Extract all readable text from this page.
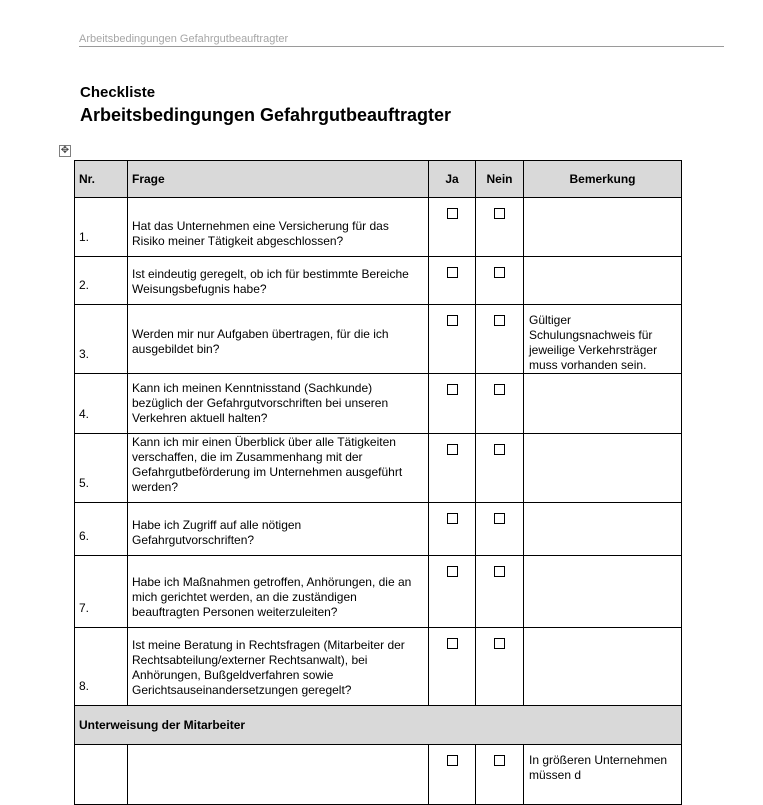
Arbeitsbedingungen Gefahrgutbeauftragter
Checkliste
Arbeitsbedingungen Gefahrgutbeauftragter
✥
Nr.	Frage	Ja	Nein	Bemerkung
1.	Hat das Unternehmen eine Versicherung für das Risiko meiner Tätigkeit abgeschlossen?			
2.	Ist eindeutig geregelt, ob ich für bestimmte Bereiche Weisungsbefugnis habe?			
3.	Werden mir nur Aufgaben übertragen, für die ich ausgebildet bin?			Gültiger Schulungsnachweis für jeweilige Verkehrsträger muss vorhanden sein.
4.	Kann ich meinen Kenntnisstand (Sachkunde) bezüglich der Gefahrgutvorschriften bei unseren Verkehren aktuell halten?			
5.	Kann ich mir einen Überblick über alle Tätigkeiten verschaffen, die im Zusammenhang mit der Gefahrgutbeförderung im Unternehmen ausgeführt werden?			
6.	Habe ich Zugriff auf alle nötigen Gefahrgutvorschriften?			
7.	Habe ich Maßnahmen getroffen, Anhörungen, die an mich gerichtet werden, an die zuständigen beauftragten Personen weiterzuleiten?			
8.	Ist meine Beratung in Rechtsfragen (Mitarbeiter der Rechtsabteilung/externer Rechtsanwalt), bei Anhörungen, Bußgeldverfahren sowie Gerichtsauseinandersetzungen geregelt?			
Unterweisung der Mitarbeiter				
				In größeren Unternehmen müssen d
